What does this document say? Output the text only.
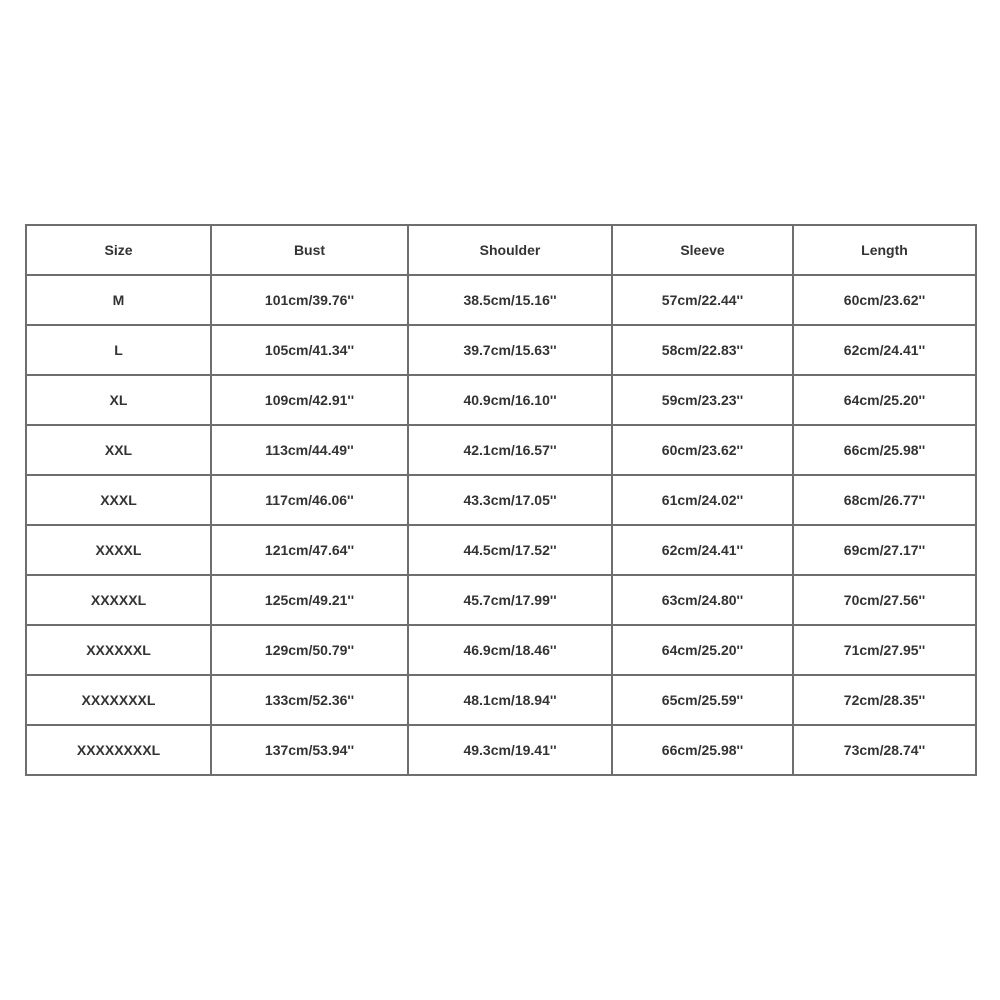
Size	Bust	Shoulder	Sleeve	Length
M	101cm/39.76''	38.5cm/15.16''	57cm/22.44''	60cm/23.62''
L	105cm/41.34''	39.7cm/15.63''	58cm/22.83''	62cm/24.41''
XL	109cm/42.91''	40.9cm/16.10''	59cm/23.23''	64cm/25.20''
XXL	113cm/44.49''	42.1cm/16.57''	60cm/23.62''	66cm/25.98''
XXXL	117cm/46.06''	43.3cm/17.05''	61cm/24.02''	68cm/26.77''
XXXXL	121cm/47.64''	44.5cm/17.52''	62cm/24.41''	69cm/27.17''
XXXXXL	125cm/49.21''	45.7cm/17.99''	63cm/24.80''	70cm/27.56''
XXXXXXL	129cm/50.79''	46.9cm/18.46''	64cm/25.20''	71cm/27.95''
XXXXXXXL	133cm/52.36''	48.1cm/18.94''	65cm/25.59''	72cm/28.35''
XXXXXXXXL	137cm/53.94''	49.3cm/19.41''	66cm/25.98''	73cm/28.74''
